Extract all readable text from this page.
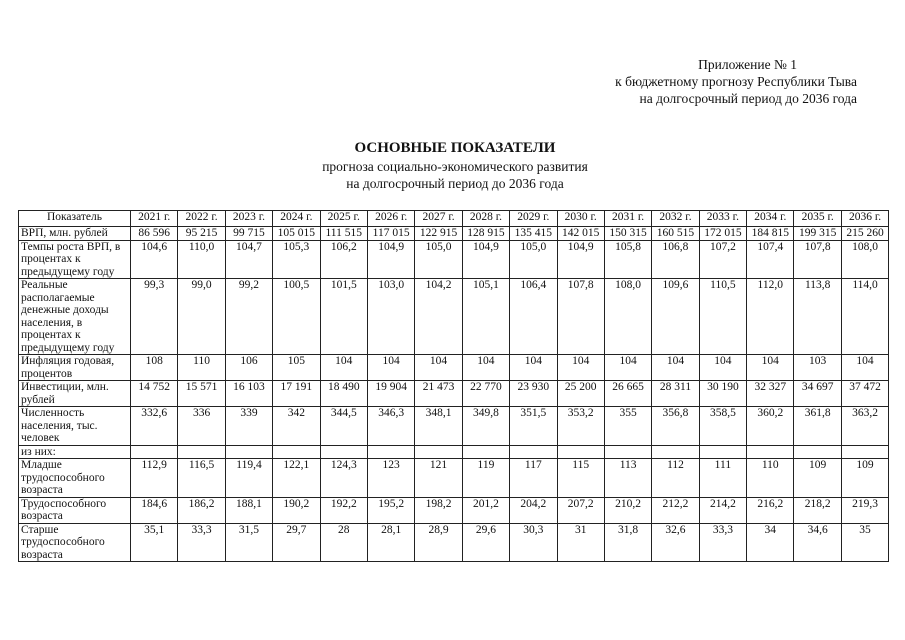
Приложение № 1
к бюджетному прогнозу Республики Тыва
на долгосрочный период до 2036 года
ОСНОВНЫЕ ПОКАЗАТЕЛИ
прогноза социально-экономического развития
на долгосрочный период до 2036 года
Показатель	2021 г.	2022 г.	2023 г.	2024 г.	2025 г.	2026 г.	2027 г.	2028 г.	2029 г.	2030 г.	2031 г.	2032 г.	2033 г.	2034 г.	2035 г.	2036 г.
ВРП, млн. рублей	86 596	95 215	99 715	105 015	111 515	117 015	122 915	128 915	135 415	142 015	150 315	160 515	172 015	184 815	199 315	215 260
Темпы роста ВРП, в процентах к предыдущему году	104,6	110,0	104,7	105,3	106,2	104,9	105,0	104,9	105,0	104,9	105,8	106,8	107,2	107,4	107,8	108,0
Реальные располагаемые денежные доходы населения, в процентах к предыдущему году	99,3	99,0	99,2	100,5	101,5	103,0	104,2	105,1	106,4	107,8	108,0	109,6	110,5	112,0	113,8	114,0
Инфляция годовая, процентов	108	110	106	105	104	104	104	104	104	104	104	104	104	104	103	104
Инвестиции, млн. рублей	14 752	15 571	16 103	17 191	18 490	19 904	21 473	22 770	23 930	25 200	26 665	28 311	30 190	32 327	34 697	37 472
Численность населения, тыс. человек	332,6	336	339	342	344,5	346,3	348,1	349,8	351,5	353,2	355	356,8	358,5	360,2	361,8	363,2
из них:																
Младше трудоспособного возраста	112,9	116,5	119,4	122,1	124,3	123	121	119	117	115	113	112	111	110	109	109
Трудоспособного возраста	184,6	186,2	188,1	190,2	192,2	195,2	198,2	201,2	204,2	207,2	210,2	212,2	214,2	216,2	218,2	219,3
Старше трудоспособного возраста	35,1	33,3	31,5	29,7	28	28,1	28,9	29,6	30,3	31	31,8	32,6	33,3	34	34,6	35
